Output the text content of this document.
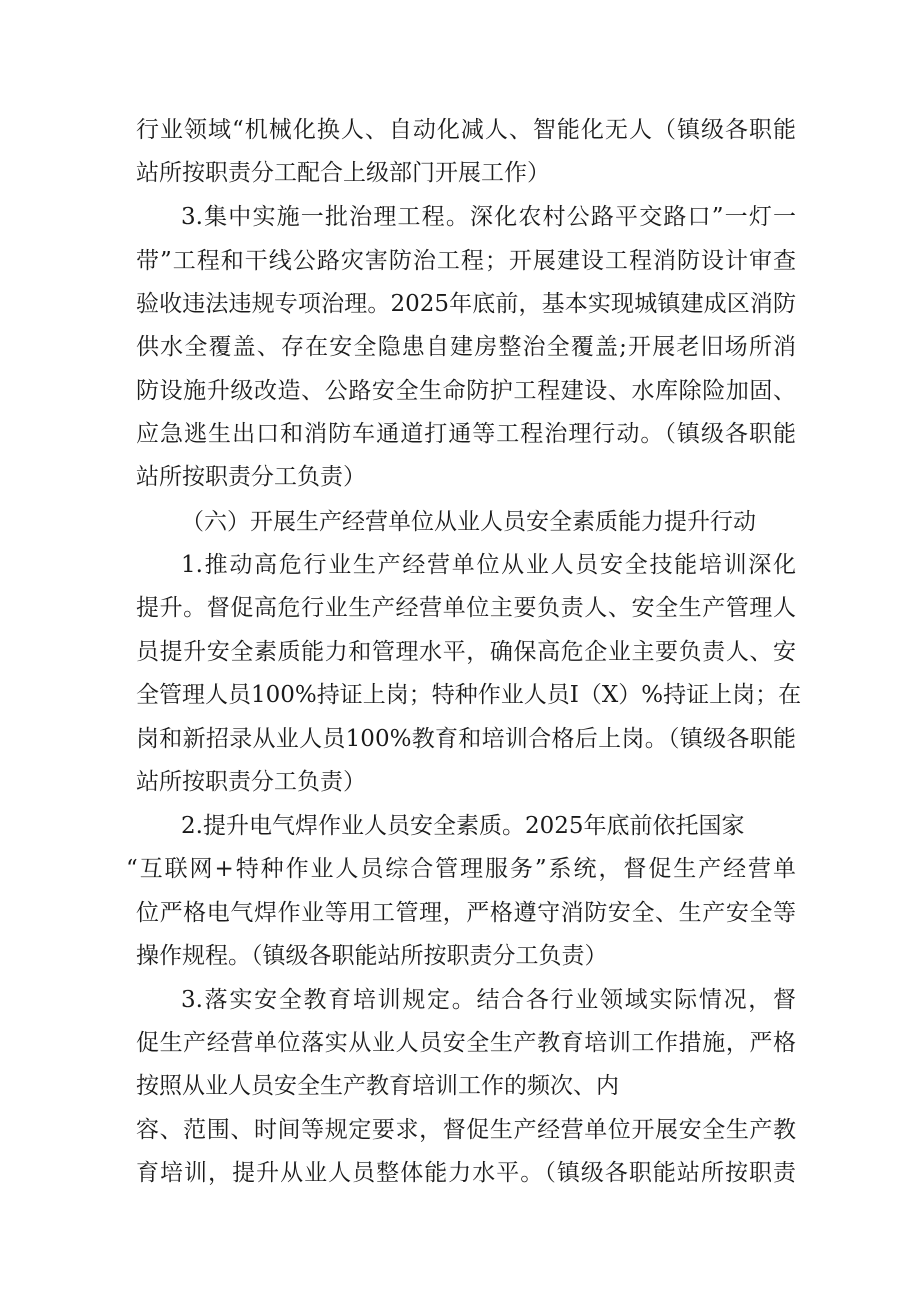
行业领域“机械化换人、自动化减人、智能化无人（镇级各职能
站所按职责分工配合上级部门开展工作）
3.集中实施一批治理工程。深化农村公路平交路口”一灯一
带”工程和干线公路灾害防治工程；开展建设工程消防设计审查
验收违法违规专项治理。2025年底前，基本实现城镇建成区消防
供水全覆盖、存在安全隐患自建房整治全覆盖;开展老旧场所消
防设施升级改造、公路安全生命防护工程建设、水库除险加固、
应急逃生出口和消防车通道打通等工程治理行动。（镇级各职能
站所按职责分工负责）
（六）开展生产经营单位从业人员安全素质能力提升行动
1.推动高危行业生产经营单位从业人员安全技能培训深化
提升。督促高危行业生产经营单位主要负责人、安全生产管理人
员提升安全素质能力和管理水平，确保高危企业主要负责人、安
全管理人员100%持证上岗；特种作业人员I（X）%持证上岗；在
岗和新招录从业人员100%教育和培训合格后上岗。（镇级各职能
站所按职责分工负责）
2.提升电气焊作业人员安全素质。2025年底前依托国家
“互联网+特种作业人员综合管理服务”系统，督促生产经营单
位严格电气焊作业等用工管理，严格遵守消防安全、生产安全等
操作规程。（镇级各职能站所按职责分工负责）
3.落实安全教育培训规定。结合各行业领域实际情况，督
促生产经营单位落实从业人员安全生产教育培训工作措施，严格
按照从业人员安全生产教育培训工作的频次、内
容、范围、时间等规定要求，督促生产经营单位开展安全生产教
育培训，提升从业人员整体能力水平。（镇级各职能站所按职责
